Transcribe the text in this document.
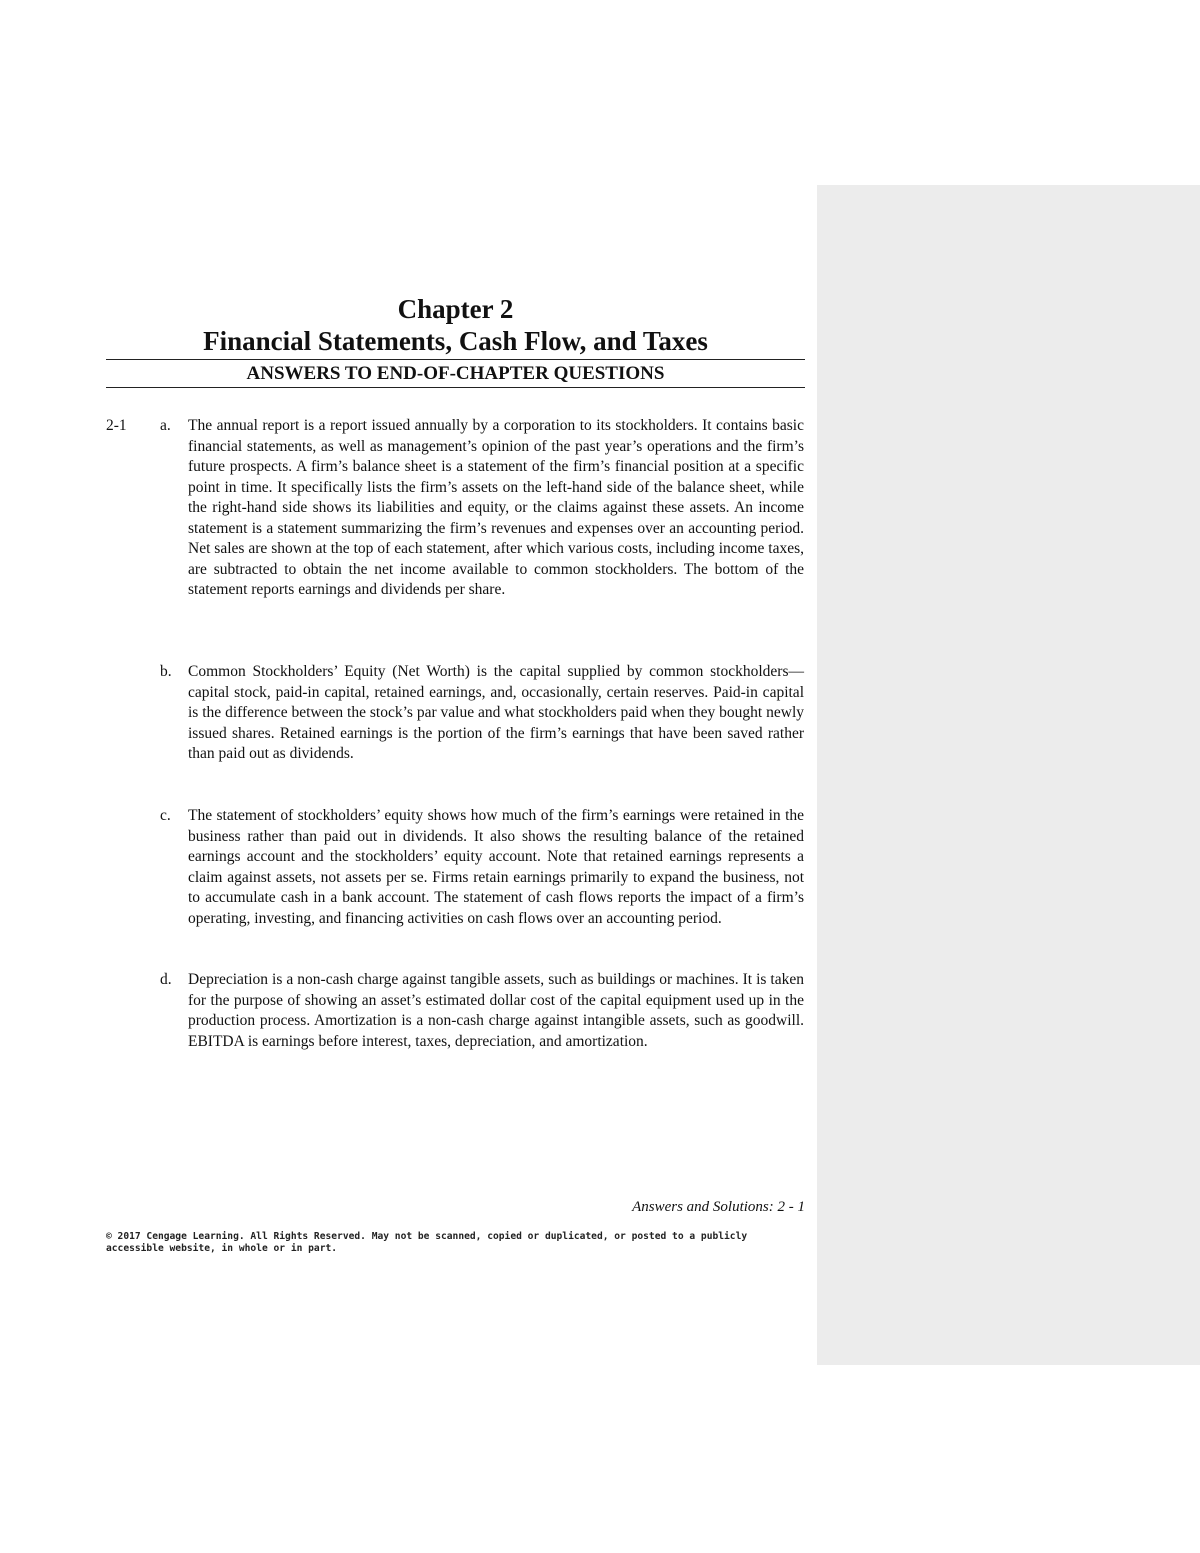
Chapter 2
Financial Statements, Cash Flow, and Taxes
ANSWERS TO END-OF-CHAPTER QUESTIONS
2-1 a. The annual report is a report issued annually by a corporation to its stockholders. It contains basic financial statements, as well as management’s opinion of the past year’s operations and the firm’s future prospects. A firm’s balance sheet is a statement of the firm’s financial position at a specific point in time. It specifically lists the firm’s assets on the left-hand side of the balance sheet, while the right-hand side shows its liabilities and equity, or the claims against these assets. An income statement is a statement summarizing the firm’s revenues and expenses over an accounting period. Net sales are shown at the top of each statement, after which various costs, including income taxes, are subtracted to obtain the net income available to common stockholders. The bottom of the statement reports earnings and dividends per share.
b. Common Stockholders’ Equity (Net Worth) is the capital supplied by common stockholders—capital stock, paid-in capital, retained earnings, and, occasionally, certain reserves. Paid-in capital is the difference between the stock’s par value and what stockholders paid when they bought newly issued shares. Retained earnings is the portion of the firm’s earnings that have been saved rather than paid out as dividends.
c. The statement of stockholders’ equity shows how much of the firm’s earnings were retained in the business rather than paid out in dividends. It also shows the resulting balance of the retained earnings account and the stockholders’ equity account. Note that retained earnings represents a claim against assets, not assets per se. Firms retain earnings primarily to expand the business, not to accumulate cash in a bank account. The statement of cash flows reports the impact of a firm’s operating, investing, and financing activities on cash flows over an accounting period.
d. Depreciation is a non-cash charge against tangible assets, such as buildings or machines. It is taken for the purpose of showing an asset’s estimated dollar cost of the capital equipment used up in the production process. Amortization is a non-cash charge against intangible assets, such as goodwill. EBITDA is earnings before interest, taxes, depreciation, and amortization.
Answers and Solutions: 2 - 1
© 2017 Cengage Learning. All Rights Reserved. May not be scanned, copied or duplicated, or posted to a publicly accessible website, in whole or in part.
